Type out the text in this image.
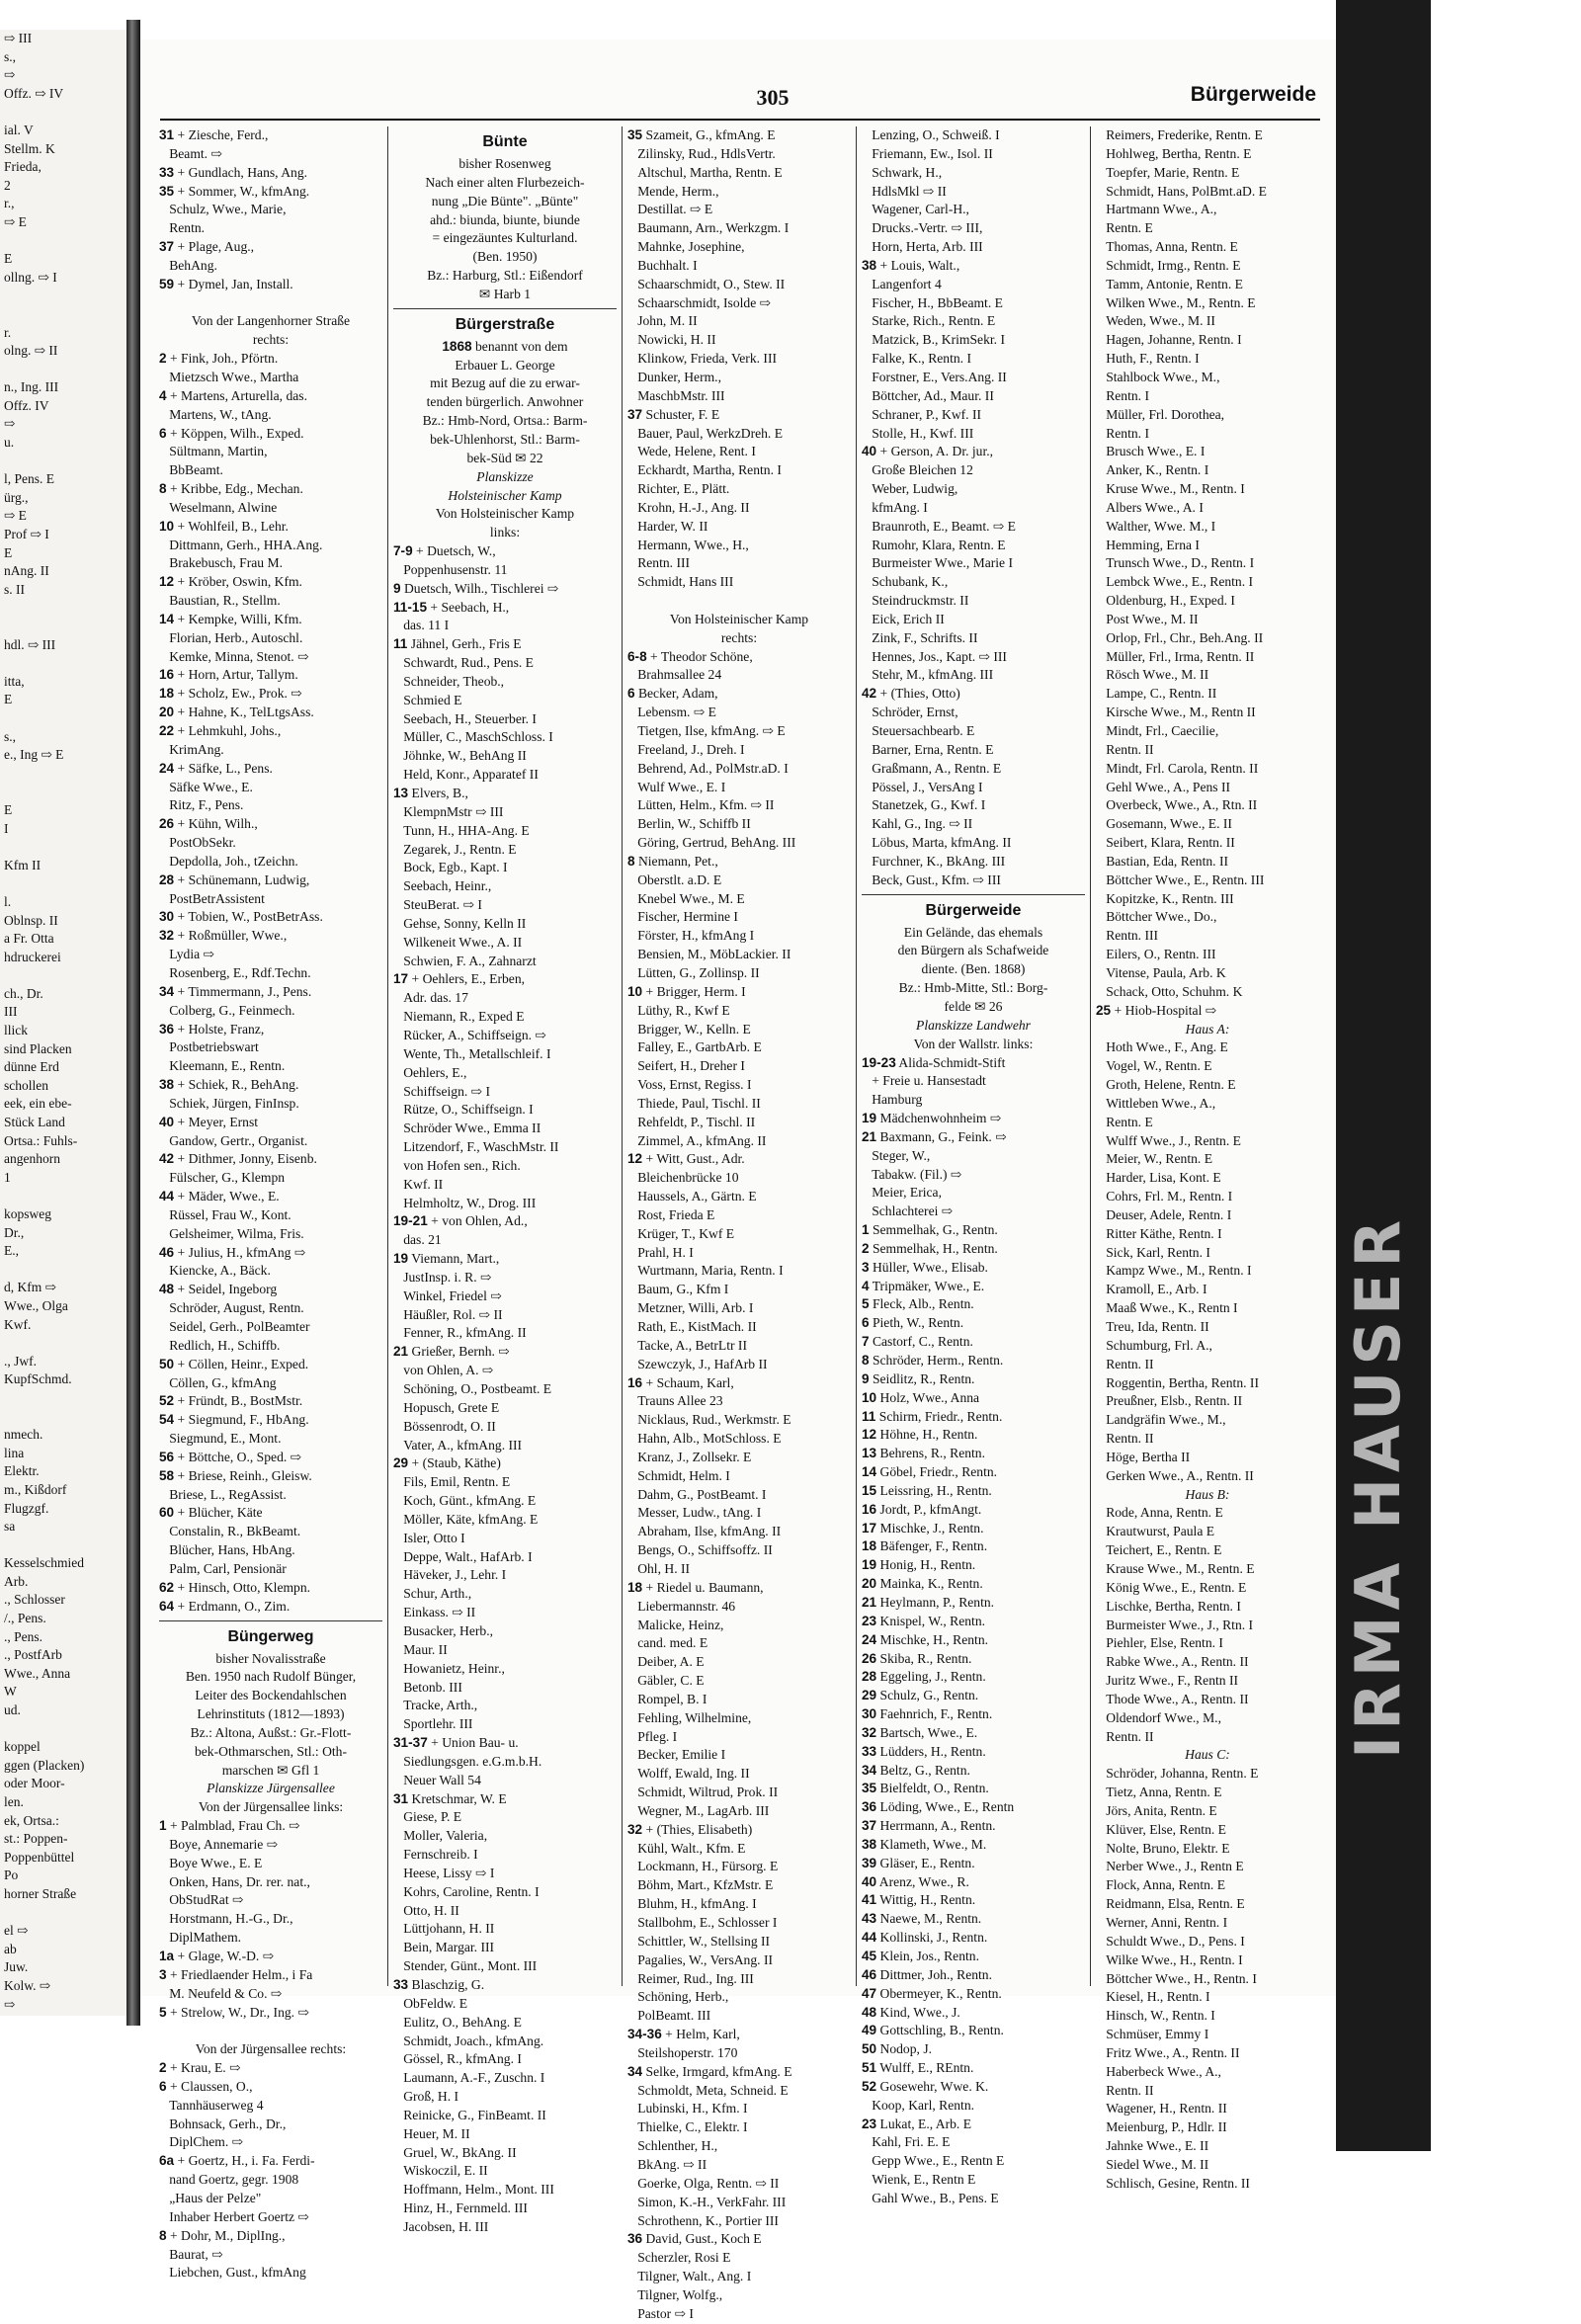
⇨ III
s.,
⇨
Offz. ⇨ IV

ial. V
Stellm. K
Frieda,
2
r.,
⇨ E

E
ollng. ⇨ I

r.
olng. ⇨ II

n., Ing. III
Offz. IV
⇨
u.

l, Pens. E
ürg.,
⇨ E
Prof ⇨ I
E
nAng. II
s. II

hdl. ⇨ III

itta,
E

s.,
e., Ing ⇨ E

E
I

Kfm II

l.
Oblnsp. II
a Fr. Otta
hdruckerei

ch., Dr.
III
llick
sind Placken
dünne Erd
schollen
eek, ein ebe-
Stück Land
Ortsa.: Fuhls-
angenhorn
1

kopsweg
Dr.,
E.,

d, Kfm ⇨
Wwe., Olga
Kwf.

., Jwf.
KupfSchmd.

nmech.
lina
Elektr.
m., Kißdorf
Flugzgf.
sa

Kesselschmied
Arb.
., Schlosser
/., Pens.
., Pens.
., PostfArb
Wwe., Anna
W
ud.

koppel
ggen (Placken)
oder Moor-
len.
ek, Ortsa.:
st.: Poppen-
Poppenbüttel
Po
horner Straße

el ⇨
ab
Juw.
Kolw. ⇨
⇨
305	Bürgerweide
31 + Ziesche, Ferd.,
Beamt. ⇨
33 + Gundlach, Hans, Ang.
35 + Sommer, W., kfmAng.
Schulz, Wwe., Marie,
Rentn.
37 + Plage, Aug.,
BehAng.
59 + Dymel, Jan, Install.

Von der Langenhorner Straße
rechts:
2 + Fink, Joh., Pförtn.
Mietzsch Wwe., Martha
4 + Martens, Arturella, das.
Martens, W., tAng.
6 + Köppen, Wilh., Exped.
Sültmann, Martin,
BbBeamt.
8 + Kribbe, Edg., Mechan.
Weselmann, Alwine
10 + Wohlfeil, B., Lehr.
Dittmann, Gerh., HHA.Ang.
Brakebusch, Frau M.
12 + Kröber, Oswin, Kfm.
Baustian, R., Stellm.
14 + Kempke, Willi, Kfm.
Florian, Herb., Autoschl.
Kemke, Minna, Stenot. ⇨
16 + Horn, Artur, Tallym.
18 + Scholz, Ew., Prok. ⇨
20 + Hahne, K., TelLtgsAss.
22 + Lehmkuhl, Johs.,
KrimAng.
24 + Säfke, L., Pens.
Säfke Wwe., E.
Ritz, F., Pens.
26 + Kühn, Wilh.,
PostObSekr.
Depdolla, Joh., tZeichn.
28 + Schünemann, Ludwig,
PostBetrAssistent
30 + Tobien, W., PostBetrAss.
32 + Roßmüller, Wwe.,
Lydia ⇨
Rosenberg, E., Rdf.Techn.
34 + Timmermann, J., Pens.
Colberg, G., Feinmech.
36 + Holste, Franz,
Postbetriebswart
Kleemann, E., Rentn.
38 + Schiek, R., BehAng.
Schiek, Jürgen, FinInsp.
40 + Meyer, Ernst
Gandow, Gertr., Organist.
42 + Dithmer, Jonny, Eisenb.
Fülscher, G., Klempn
44 + Mäder, Wwe., E.
Rüssel, Frau W., Kont.
Gelsheimer, Wilma, Fris.
46 + Julius, H., kfmAng ⇨
Kiencke, A., Bäck.
48 + Seidel, Ingeborg
Schröder, August, Rentn.
Seidel, Gerh., PolBeamter
Redlich, H., Schiffb.
50 + Cöllen, Heinr., Exped.
Cöllen, G., kfmAng
52 + Fründt, B., BostMstr.
54 + Siegmund, F., HbAng.
Siegmund, E., Mont.
56 + Böttche, O., Sped. ⇨
58 + Briese, Reinh., Gleisw.
Briese, L., RegAssist.
60 + Blücher, Käte
Constalin, R., BkBeamt.
Blücher, Hans, HbAng.
Palm, Carl, Pensionär
62 + Hinsch, Otto, Klempn.
64 + Erdmann, O., Zim.
Büngerweg
bisher Novalisstraße
Ben. 1950 nach Rudolf Bünger,
Leiter des Bockendahlschen
Lehrinstituts (1812—1893)
Bz.: Altona, Außst.: Gr.-Flott-
bek-Othmarschen, Stl.: Oth-
marschen ✉ Gfl 1
Planskizze Jürgensallee
Von der Jürgensallee links:
1 + Palmblad, Frau Ch. ⇨
Boye, Annemarie ⇨
Boye Wwe., E. E
Onken, Hans, Dr. rer. nat.,
ObStudRat ⇨
Horstmann, H.-G., Dr.,
DiplMathem.
1a + Glage, W.-D. ⇨
3 + Friedlaender Helm., i Fa
M. Neufeld & Co. ⇨
5 + Strelow, W., Dr., Ing. ⇨

Von der Jürgensallee rechts:
2 + Krau, E. ⇨
6 + Claussen, O.,
Tannhäuserweg 4
Bohnsack, Gerh., Dr.,
DiplChem. ⇨
6a + Goertz, H., i. Fa. Ferdi-
nand Goertz, gegr. 1908
„Haus der Pelze"
Inhaber Herbert Goertz ⇨
8 + Dohr, M., DiplIng.,
Baurat, ⇨
Liebchen, Gust., kfmAng
Bünte
bisher Rosenweg
Nach einer alten Flurbezeich-
nung „Die Bünte". „Bünte"
ahd.: biunda, biunte, biunde
= eingezäuntes Kulturland.
(Ben. 1950)
Bz.: Harburg, Stl.: Eißendorf
✉ Harb 1
Bürgerstraße
1868 benannt von dem
Erbauer L. George
mit Bezug auf die zu erwar-
tenden bürgerlich. Anwohner
Bz.: Hmb-Nord, Ortsa.: Barm-
bek-Uhlenhorst, Stl.: Barm-
bek-Süd ✉ 22
Planskizze
Holsteinischer Kamp
Von Holsteinischer Kamp
links:
7-9 + Duetsch, W.,
Poppenhusenstr. 11
9 Duetsch, Wilh., Tischlerei ⇨
11-15 + Seebach, H.,
das. 11 I
11 Jähnel, Gerh., Fris E
Schwardt, Rud., Pens. E
Schneider, Theob.,
Schmied E
Seebach, H., Steuerber. I
Müller, C., MaschSchloss. I
Jöhnke, W., BehAng II
Held, Konr., Apparatef II
13 Elvers, B.,
KlempnMstr ⇨ III
Tunn, H., HHA-Ang. E
Zegarek, J., Rentn. E
Bock, Egb., Kapt. I
Seebach, Heinr.,
SteuBerat. ⇨ I
Gehse, Sonny, Kelln II
Wilkeneit Wwe., A. II
Schwien, F. A., Zahnarzt
17 + Oehlers, E., Erben,
Adr. das. 17
Niemann, R., Exped E
Rücker, A., Schiffseign. ⇨
Wente, Th., Metallschleif. I
Oehlers, E.,
Schiffseign. ⇨ I
Rütze, O., Schiffseign. I
Schröder Wwe., Emma II
Litzendorf, F., WaschMstr. II
von Hofen sen., Rich.
Kwf. II
Helmholtz, W., Drog. III
19-21 + von Ohlen, Ad.,
das. 21
19 Viemann, Mart.,
JustInsp. i. R. ⇨
Winkel, Friedel ⇨
Häußler, Rol. ⇨ II
Fenner, R., kfmAng. II
21 Grießer, Bernh. ⇨
von Ohlen, A. ⇨
Schöning, O., Postbeamt. E
Hopusch, Grete E
Bössenrodt, O. II
Vater, A., kfmAng. III
29 + (Staub, Käthe)
Fils, Emil, Rentn. E
Koch, Günt., kfmAng. E
Möller, Käte, kfmAng. E
Isler, Otto I
Deppe, Walt., HafArb. I
Häveker, J., Lehr. I
Schur, Arth.,
Einkass. ⇨ II
Busacker, Herb.,
Maur. II
Howanietz, Heinr.,
Betonb. III
Tracke, Arth.,
Sportlehr. III
31-37 + Union Bau- u.
Siedlungsgen. e.G.m.b.H.
Neuer Wall 54
31 Kretschmar, W. E
Giese, P. E
Moller, Valeria,
Fernschreib. I
Heese, Lissy ⇨ I
Kohrs, Caroline, Rentn. I
Otto, H. II
Lüttjohann, H. II
Bein, Margar. III
Stender, Günt., Mont. III
33 Blaschzig, G.
ObFeldw. E
Eulitz, O., BehAng. E
Schmidt, Joach., kfmAng.
Gössel, R., kfmAng. I
Laumann, A.-F., Zuschn. I
Groß, H. I
Reinicke, G., FinBeamt. II
Heuer, M. II
Gruel, W., BkAng. II
Wiskoczil, E. II
Hoffmann, Helm., Mont. III
Hinz, H., Fernmeld. III
Jacobsen, H. III
35 Szameit, G., kfmAng. E
Zilinsky, Rud., HdlsVertr.
Altschul, Martha, Rentn. E
Mende, Herm.,
Destillat. ⇨ E
Baumann, Arn., Werkzgm. I
Mahnke, Josephine,
Buchhalt. I
Schaarschmidt, O., Stew. II
Schaarschmidt, Isolde ⇨
John, M. II
Nowicki, H. II
Klinkow, Frieda, Verk. III
Dunker, Herm.,
MaschbMstr. III
37 Schuster, F. E
Bauer, Paul, WerkzDreh. E
Wede, Helene, Rent. I
Eckhardt, Martha, Rentn. I
Richter, E., Plätt.
Krohn, H.-J., Ang. II
Harder, W. II
Hermann, Wwe., H.,
Rentn. III
Schmidt, Hans III

Von Holsteinischer Kamp
rechts:
6-8 + Theodor Schöne,
Brahmsallee 24
6 Becker, Adam,
Lebensm. ⇨ E
Tietgen, Ilse, kfmAng. ⇨ E
Freeland, J., Dreh. I
Behrend, Ad., PolMstr.aD. I
Wulf Wwe., E. I
Lütten, Helm., Kfm. ⇨ II
Berlin, W., Schiffb II
Göring, Gertrud, BehAng. III
8 Niemann, Pet.,
Oberstlt. a.D. E
Knebel Wwe., M. E
Fischer, Hermine I
Förster, H., kfmAng I
Bensien, M., MöbLackier. II
Lütten, G., Zollinsp. II
10 + Brigger, Herm. I
Lüthy, R., Kwf E
Brigger, W., Kelln. E
Falley, E., GartbArb. E
Seifert, H., Dreher I
Voss, Ernst, Regiss. I
Thiede, Paul, Tischl. II
Rehfeldt, P., Tischl. II
Zimmel, A., kfmAng. II
12 + Witt, Gust., Adr.
Bleichenbrücke 10
Haussels, A., Gärtn. E
Rost, Frieda E
Krüger, T., Kwf E
Prahl, H. I
Wurtmann, Maria, Rentn. I
Baum, G., Kfm I
Metzner, Willi, Arb. I
Rath, E., KistMach. II
Tacke, A., BetrLtr II
Szewczyk, J., HafArb II
16 + Schaum, Karl,
Trauns Allee 23
Nicklaus, Rud., Werkmstr. E
Hahn, Alb., MotSchloss. E
Kranz, J., Zollsekr. E
Schmidt, Helm. I
Dahm, G., PostBeamt. I
Messer, Ludw., tAng. I
Abraham, Ilse, kfmAng. II
Bengs, O., Schiffsoffz. II
Ohl, H. II
18 + Riedel u. Baumann,
Liebermannstr. 46
Malicke, Heinz,
cand. med. E
Deiber, A. E
Gäbler, C. E
Rompel, B. I
Fehling, Wilhelmine,
Pfleg. I
Becker, Emilie I
Wolff, Ewald, Ing. II
Schmidt, Wiltrud, Prok. II
Wegner, M., LagArb. III
32 + (Thies, Elisabeth)
Kühl, Walt., Kfm. E
Lockmann, H., Fürsorg. E
Böhm, Mart., KfzMstr. E
Bluhm, H., kfmAng. I
Stallbohm, E., Schlosser I
Schittler, W., Stellsing II
Pagalies, W., VersAng. II
Reimer, Rud., Ing. III
Schöning, Herb.,
PolBeamt. III
34-36 + Helm, Karl,
Steilshoperstr. 170
34 Selke, Irmgard, kfmAng. E
Schmoldt, Meta, Schneid. E
Lubinski, H., Kfm. I
Thielke, C., Elektr. I
Schlenther, H.,
BkAng. ⇨ II
Goerke, Olga, Rentn. ⇨ II
Simon, K.-H., VerkFahr. III
Schrothenn, K., Portier III
36 David, Gust., Koch E
Scherzler, Rosi E
Tilgner, Walt., Ang. I
Tilgner, Wolfg.,
Pastor ⇨ I
Lenzing, O., Schweiß. I
Friemann, Ew., Isol. II
Schwark, H.,
HdlsMkl ⇨ II
Wagener, Carl-H.,
Drucks.-Vertr. ⇨ III,
Horn, Herta, Arb. III
38 + Louis, Walt.,
Langenfort 4
Fischer, H., BbBeamt. E
Starke, Rich., Rentn. E
Matzick, B., KrimSekr. I
Falke, K., Rentn. I
Forstner, E., Vers.Ang. II
Böttcher, Ad., Maur. II
Schraner, P., Kwf. II
Stolle, H., Kwf. III
40 + Gerson, A. Dr. jur.,
Große Bleichen 12
Weber, Ludwig,
kfmAng. I
Braunroth, E., Beamt. ⇨ E
Rumohr, Klara, Rentn. E
Burmeister Wwe., Marie I
Schubank, K.,
Steindruckmstr. II
Eick, Erich II
Zink, F., Schrifts. II
Hennes, Jos., Kapt. ⇨ III
Stehr, M., kfmAng. III
42 + (Thies, Otto)
Schröder, Ernst,
Steuersachbearb. E
Barner, Erna, Rentn. E
Graßmann, A., Rentn. E
Pössel, J., VersAng I
Stanetzek, G., Kwf. I
Kahl, G., Ing. ⇨ II
Löbus, Marta, kfmAng. II
Furchner, K., BkAng. III
Beck, Gust., Kfm. ⇨ III
Bürgerweide
Ein Gelände, das ehemals
den Bürgern als Schafweide
diente. (Ben. 1868)
Bz.: Hmb-Mitte, Stl.: Borg-
felde ✉ 26
Planskizze Landwehr
Von der Wallstr. links:
19-23 Alida-Schmidt-Stift
+ Freie u. Hansestadt
Hamburg
19 Mädchenwohnheim ⇨
21 Baxmann, G., Feink. ⇨
Steger, W.,
Tabakw. (Fil.) ⇨
Meier, Erica,
Schlachterei ⇨
1 Semmelhak, G., Rentn.
2 Semmelhak, H., Rentn.
3 Hüller, Wwe., Elisab.
4 Tripmäker, Wwe., E.
5 Fleck, Alb., Rentn.
6 Pieth, W., Rentn.
7 Castorf, C., Rentn.
8 Schröder, Herm., Rentn.
9 Seidlitz, R., Rentn.
10 Holz, Wwe., Anna
11 Schirm, Friedr., Rentn.
12 Höhne, H., Rentn.
13 Behrens, R., Rentn.
14 Göbel, Friedr., Rentn.
15 Leissring, H., Rentn.
16 Jordt, P., kfmAngt.
17 Mischke, J., Rentn.
18 Bäfenger, F., Rentn.
19 Honig, H., Rentn.
20 Mainka, K., Rentn.
21 Heylmann, P., Rentn.
23 Knispel, W., Rentn.
24 Mischke, H., Rentn.
26 Skiba, R., Rentn.
28 Eggeling, J., Rentn.
29 Schulz, G., Rentn.
30 Faehnrich, F., Rentn.
32 Bartsch, Wwe., E.
33 Lüdders, H., Rentn.
34 Beltz, G., Rentn.
35 Bielfeldt, O., Rentn.
36 Löding, Wwe., E., Rentn
37 Herrmann, A., Rentn.
38 Klameth, Wwe., M.
39 Gläser, E., Rentn.
40 Arenz, Wwe., R.
41 Wittig, H., Rentn.
43 Naewe, M., Rentn.
44 Kollinski, J., Rentn.
45 Klein, Jos., Rentn.
46 Dittmer, Joh., Rentn.
47 Obermeyer, K., Rentn.
48 Kind, Wwe., J.
49 Gottschling, B., Rentn.
50 Nodop, J.
51 Wulff, E., REntn.
52 Gosewehr, Wwe. K.
Koop, Karl, Rentn.
23 Lukat, E., Arb. E
Kahl, Fri. E. E
Gepp Wwe., E., Rentn E
Wienk, E., Rentn E
Gahl Wwe., B., Pens. E
Reimers, Frederike, Rentn. E
Hohlweg, Bertha, Rentn. E
Toepfer, Marie, Rentn. E
Schmidt, Hans, PolBmt.aD. E
Hartmann Wwe., A.,
Rentn. E
Thomas, Anna, Rentn. E
Schmidt, Irmg., Rentn. E
Tamm, Antonie, Rentn. E
Wilken Wwe., M., Rentn. E
Weden, Wwe., M. II
Hagen, Johanne, Rentn. I
Huth, F., Rentn. I
Stahlbock Wwe., M.,
Rentn. I
Müller, Frl. Dorothea,
Rentn. I
Brusch Wwe., E. I
Anker, K., Rentn. I
Kruse Wwe., M., Rentn. I
Albers Wwe., A. I
Walther, Wwe. M., I
Hemming, Erna I
Trunsch Wwe., D., Rentn. I
Lembck Wwe., E., Rentn. I
Oldenburg, H., Exped. I
Post Wwe., M. II
Orlop, Frl., Chr., Beh.Ang. II
Müller, Frl., Irma, Rentn. II
Rösch Wwe., M. II
Lampe, C., Rentn. II
Kirsche Wwe., M., Rentn II
Mindt, Frl., Caecilie,
Rentn. II
Mindt, Frl. Carola, Rentn. II
Gehl Wwe., A., Pens II
Overbeck, Wwe., A., Rtn. II
Gosemann, Wwe., E. II
Seibert, Klara, Rentn. II
Bastian, Eda, Rentn. II
Böttcher Wwe., E., Rentn. III
Kopitzke, K., Rentn. III
Böttcher Wwe., Do.,
Rentn. III
Eilers, O., Rentn. III
Vitense, Paula, Arb. K
Schack, Otto, Schuhm. K
25 + Hiob-Hospital ⇨
Haus A:
Hoth Wwe., F., Ang. E
Vogel, W., Rentn. E
Groth, Helene, Rentn. E
Wittleben Wwe., A.,
Rentn. E
Wulff Wwe., J., Rentn. E
Meier, W., Rentn. E
Harder, Lisa, Kont. E
Cohrs, Frl. M., Rentn. I
Deuser, Adele, Rentn. I
Ritter Käthe, Rentn. I
Sick, Karl, Rentn. I
Kampz Wwe., M., Rentn. I
Kramoll, E., Arb. I
Maaß Wwe., K., Rentn I
Treu, Ida, Rentn. II
Schumburg, Frl. A.,
Rentn. II
Roggentin, Bertha, Rentn. II
Preußner, Elsb., Rentn. II
Landgräfin Wwe., M.,
Rentn. II
Höge, Bertha II
Gerken Wwe., A., Rentn. II
Haus B:
Rode, Anna, Rentn. E
Krautwurst, Paula E
Teichert, E., Rentn. E
Krause Wwe., M., Rentn. E
König Wwe., E., Rentn. E
Lischke, Bertha, Rentn. I
Burmeister Wwe., J., Rtn. I
Piehler, Else, Rentn. I
Rabke Wwe., A., Rentn. II
Juritz Wwe., F., Rentn II
Thode Wwe., A., Rentn. II
Oldendorf Wwe., M.,
Rentn. II
Haus C:
Schröder, Johanna, Rentn. E
Tietz, Anna, Rentn. E
Jörs, Anita, Rentn. E
Klüver, Else, Rentn. E
Nolte, Bruno, Elektr. E
Nerber Wwe., J., Rentn E
Flock, Anna, Rentn. E
Reidmann, Elsa, Rentn. E
Werner, Anni, Rentn. I
Schuldt Wwe., D., Pens. I
Wilke Wwe., H., Rentn. I
Böttcher Wwe., H., Rentn. I
Kiesel, H., Rentn. I
Hinsch, W., Rentn. I
Schmüser, Emmy I
Fritz Wwe., A., Rentn. II
Haberbeck Wwe., A.,
Rentn. II
Wagener, H., Rentn. II
Meienburg, P., Hdlr. II
Jahnke Wwe., E. II
Siedel Wwe., M. II
Schlisch, Gesine, Rentn. II
IRMA HAUSER
